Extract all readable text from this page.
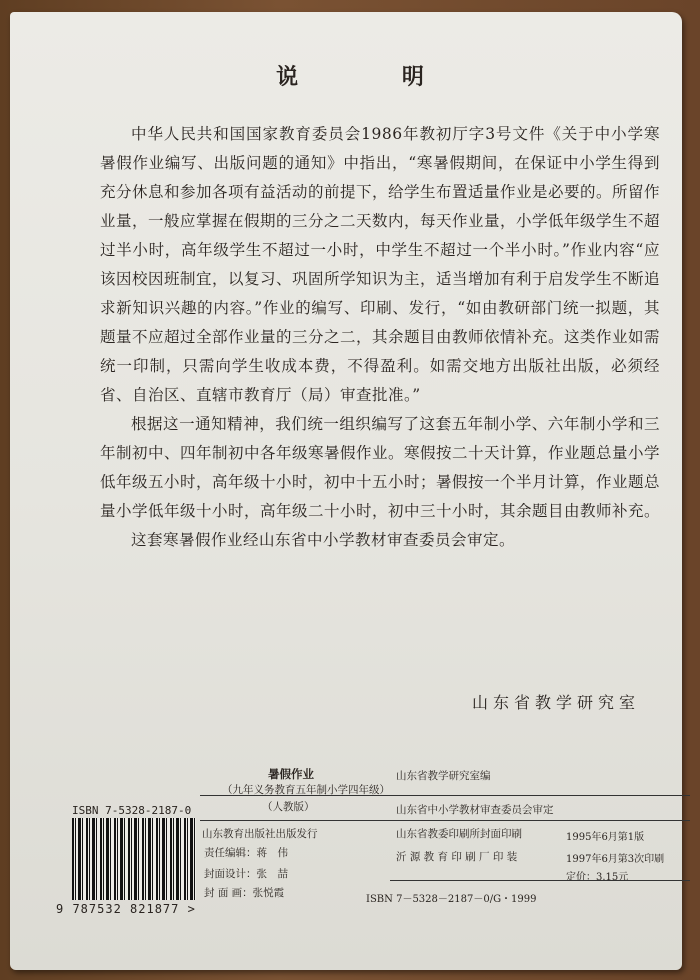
说 明

中华人民共和国国家教育委员会1986年教初厅字3号文件《关于中小学寒暑假作业编写、出版问题的通知》中指出，“寒暑假期间，在保证中小学生得到充分休息和参加各项有益活动的前提下，给学生布置适量作业是必要的。所留作业量，一般应掌握在假期的三分之二天数内，每天作业量，小学低年级学生不超过半小时，高年级学生不超过一小时，中学生不超过一个半小时。”作业内容“应该因校因班制宜，以复习、巩固所学知识为主，适当增加有利于启发学生不断追求新知识兴趣的内容。”作业的编写、印刷、发行，“如由教研部门统一拟题，其题量不应超过全部作业量的三分之二，其余题目由教师依情补充。这类作业如需统一印制，只需向学生收成本费，不得盈利。如需交地方出版社出版，必须经省、自治区、直辖市教育厅（局）审查批准。”

根据这一通知精神，我们统一组织编写了这套五年制小学、六年制小学和三年制初中、四年制初中各年级寒暑假作业。寒假按二十天计算，作业题总量小学低年级五小时，高年级十小时，初中十五小时；暑假按一个半月计算，作业题总量小学低年级十小时，高年级二十小时，初中三十小时，其余题目由教师补充。

这套寒暑假作业经山东省中小学教材审查委员会审定。

山东省教学研究室
暑假作业
（九年义务教育五年制小学四年级）
（人教版）
山东省教学研究室编
山东省中小学教材审查委员会审定
山东教育出版社出版发行
责任编辑：蒋　伟
封面设计：张　喆
封 面 画：张悦霞
山东省教委印刷所封面印刷
沂 源 教 育 印 刷 厂 印 装
1995年6月第1版
1997年6月第3次印刷
定价：3.15元
ISBN 7－5328－2187－0/G・1999
ISBN 7-5328-2187-0
9 787532 821877 >
